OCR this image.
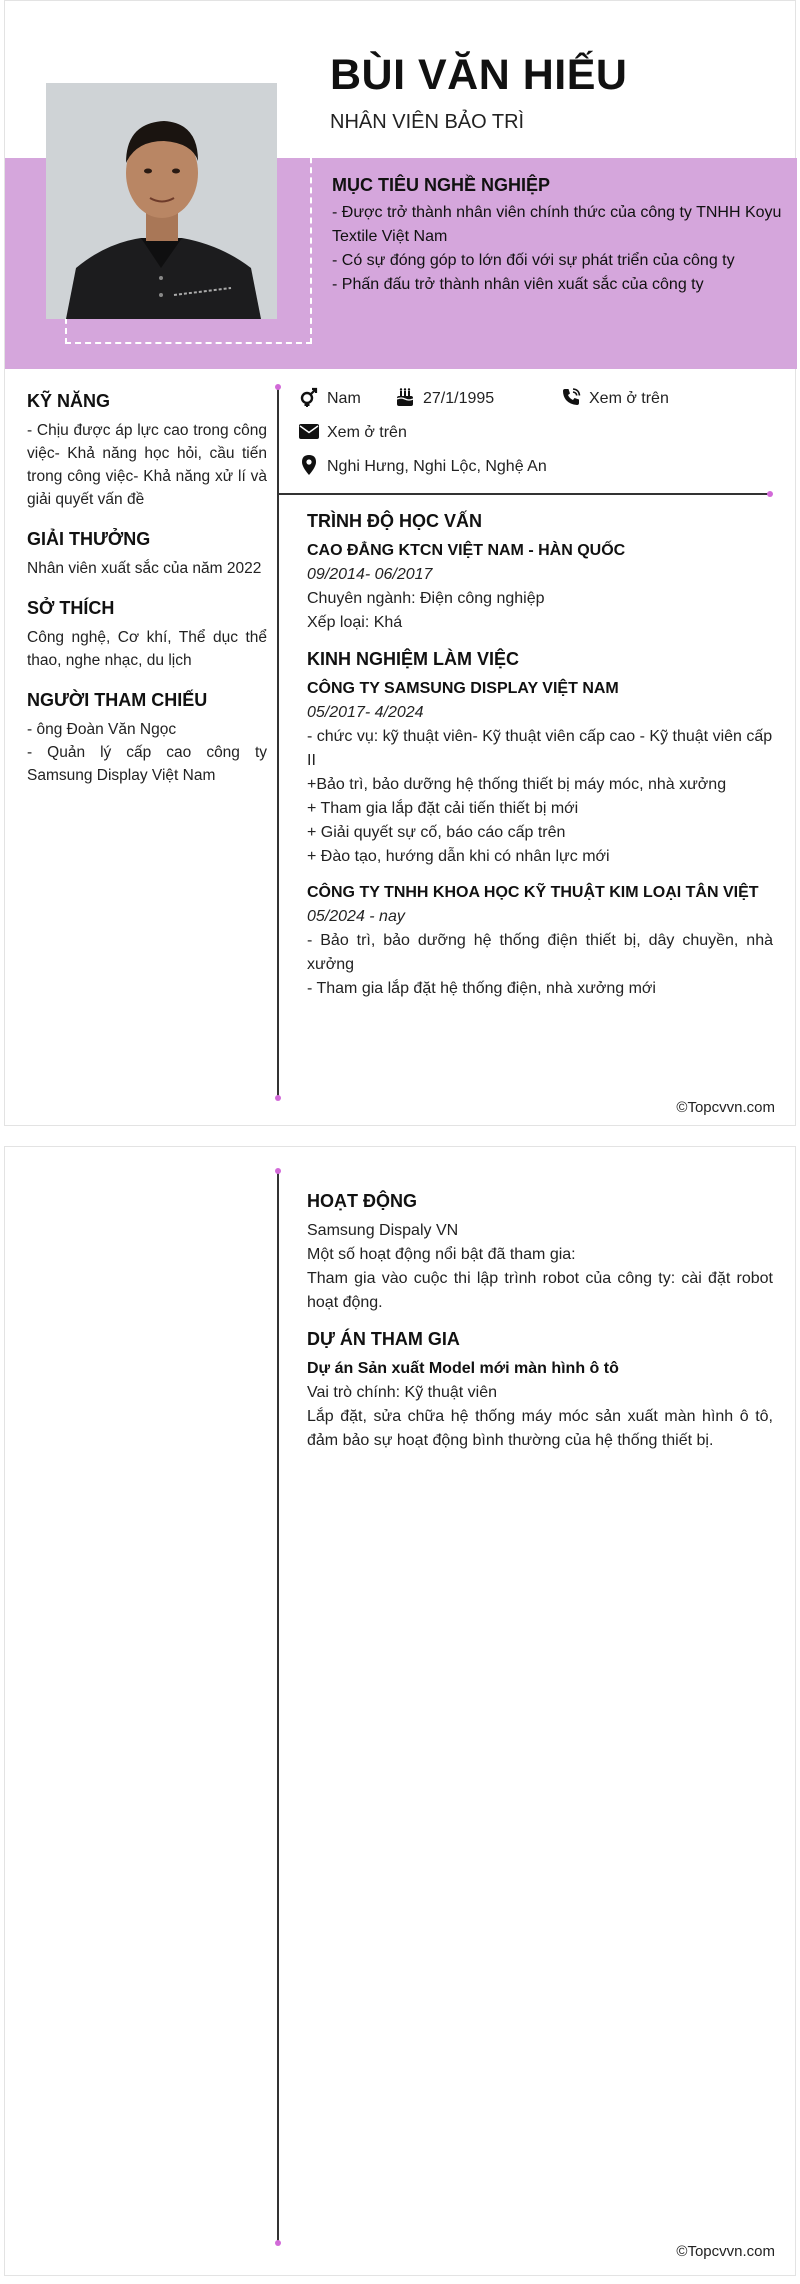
BÙI VĂN HIẾU
NHÂN VIÊN BẢO TRÌ
MỤC TIÊU NGHỀ NGHIỆP
- Được trở thành nhân viên chính thức của công ty TNHH Koyu Textile Việt Nam
- Có sự đóng góp to lớn đối với sự phát triển của công ty
- Phấn đấu trở thành nhân viên xuất sắc của công ty
KỸ NĂNG
- Chịu được áp lực cao trong công việc- Khả năng học hỏi, cầu tiến trong công việc- Khả năng xử lí và giải quyết vấn đề
GIẢI THƯỞNG
Nhân viên xuất sắc của năm 2022
SỞ THÍCH
Công nghệ, Cơ khí, Thể dục thể thao, nghe nhạc, du lịch
NGƯỜI THAM CHIẾU
- ông Đoàn Văn Ngọc
- Quản lý cấp cao công ty Samsung Display Việt Nam
Nam	27/1/1995	Xem ở trên
Xem ở trên
Nghi Hưng, Nghi Lộc, Nghệ An
TRÌNH ĐỘ HỌC VẤN
CAO ĐẲNG KTCN VIỆT NAM - HÀN QUỐC
09/2014- 06/2017
Chuyên ngành: Điện công nghiệp
Xếp loại: Khá
KINH NGHIỆM LÀM VIỆC
CÔNG TY SAMSUNG DISPLAY VIỆT NAM
05/2017- 4/2024
- chức vụ: kỹ thuật viên- Kỹ thuật viên cấp cao - Kỹ thuật viên cấp II
+Bảo trì, bảo dưỡng hệ thống thiết bị máy móc, nhà xưởng
+ Tham gia lắp đặt cải tiến thiết bị mới
+ Giải quyết sự cố, báo cáo cấp trên
+ Đào tạo, hướng dẫn khi có nhân lực mới
CÔNG TY TNHH KHOA HỌC KỸ THUẬT KIM LOẠI TÂN VIỆT
05/2024 - nay
- Bảo trì, bảo dưỡng hệ thống điện thiết bị, dây chuyền, nhà xưởng
- Tham gia lắp đặt hệ thống điện, nhà xưởng mới
©Topcvvn.com
HOẠT ĐỘNG
Samsung Dispaly VN
Một số hoạt động nổi bật đã tham gia:
Tham gia vào cuộc thi lập trình robot của công ty: cài đặt robot hoạt động.
DỰ ÁN THAM GIA
Dự án Sản xuất Model mới màn hình ô tô
Vai trò chính: Kỹ thuật viên
Lắp đặt, sửa chữa hệ thống máy móc sản xuất màn hình ô tô, đảm bảo sự hoạt động bình thường của hệ thống thiết bị.
©Topcvvn.com
